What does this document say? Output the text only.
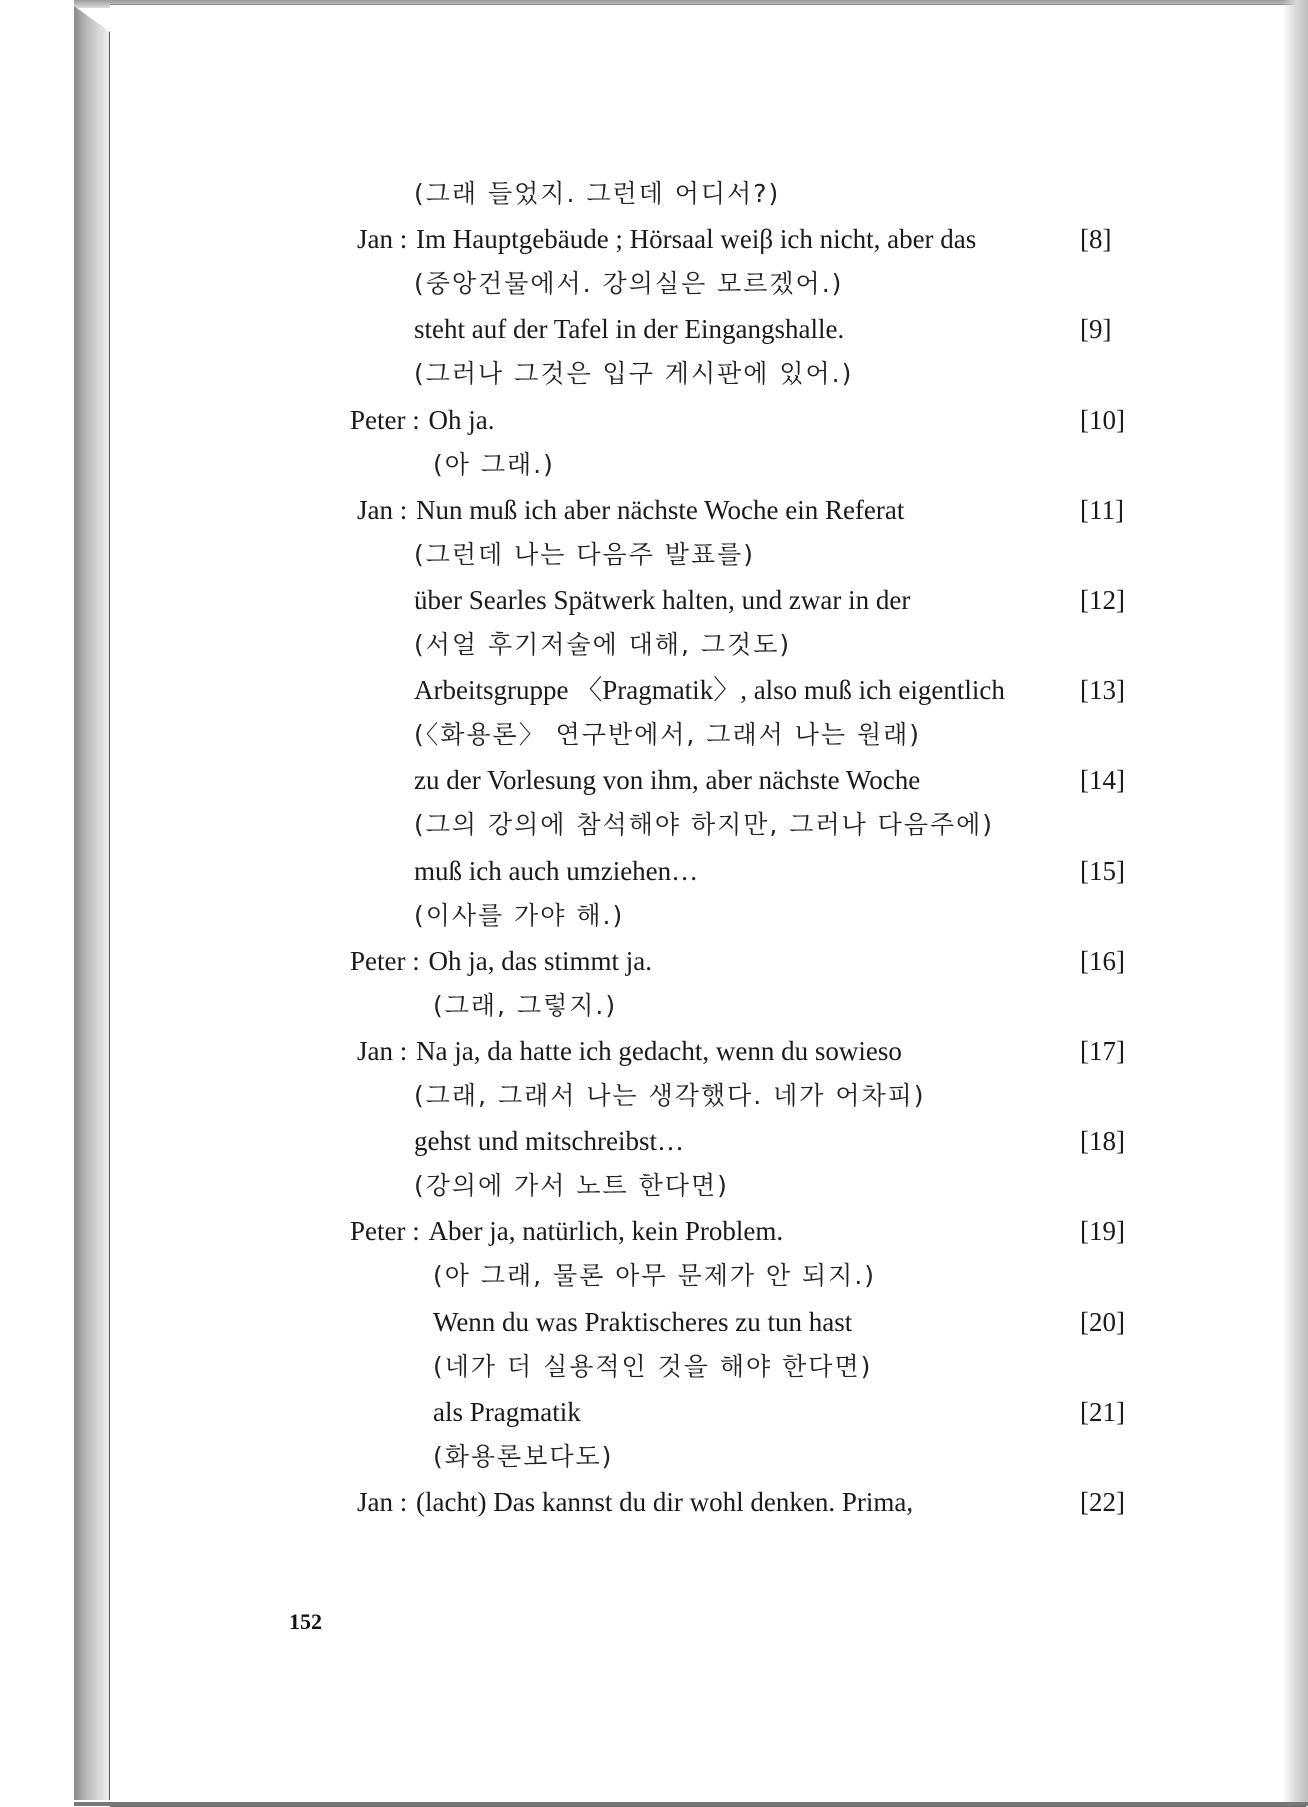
(그래 들었지. 그런데 어디서?)
Jan : Im Hauptgebäude ; Hörsaal weiβ ich nicht, aber das	[8]
(중앙건물에서. 강의실은 모르겠어.)
steht auf der Tafel in der Eingangshalle.	[9]
(그러나 그것은 입구 게시판에 있어.)
Peter : Oh ja.	[10]
(아 그래.)
Jan : Nun muß ich aber nächste Woche ein Referat	[11]
(그런데 나는 다음주 발표를)
über Searles Spätwerk halten, und zwar in der	[12]
(서얼 후기저술에 대해, 그것도)
Arbeitsgruppe 〈Pragmatik〉, also muß ich eigentlich	[13]
(〈화용론〉 연구반에서, 그래서 나는 원래)
zu der Vorlesung von ihm, aber nächste Woche	[14]
(그의 강의에 참석해야 하지만, 그러나 다음주에)
muß ich auch umziehen…	[15]
(이사를 가야 해.)
Peter : Oh ja, das stimmt ja.	[16]
(그래, 그렇지.)
Jan : Na ja, da hatte ich gedacht, wenn du sowieso	[17]
(그래, 그래서 나는 생각했다. 네가 어차피)
gehst und mitschreibst…	[18]
(강의에 가서 노트 한다면)
Peter : Aber ja, natürlich, kein Problem.	[19]
(아 그래, 물론 아무 문제가 안 되지.)
Wenn du was Praktischeres zu tun hast	[20]
(네가 더 실용적인 것을 해야 한다면)
als Pragmatik	[21]
(화용론보다도)
Jan : (lacht) Das kannst du dir wohl denken. Prima,	[22]
152
